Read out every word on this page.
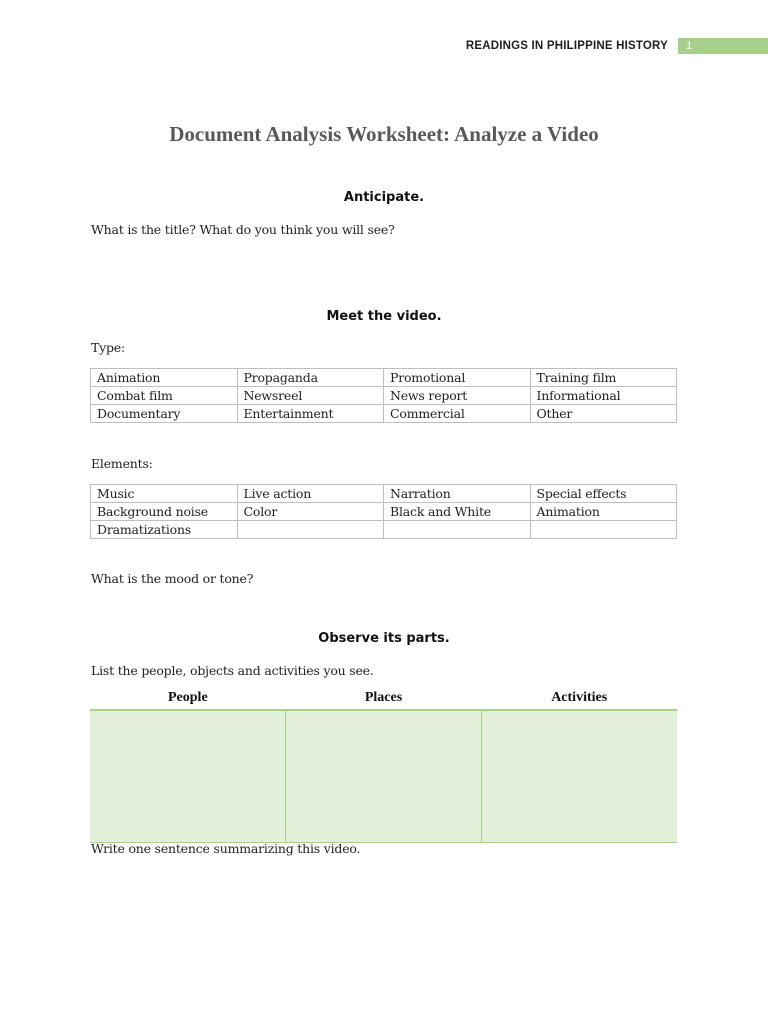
READINGS IN PHILIPPINE HISTORY	1
Document Analysis Worksheet: Analyze a Video
Anticipate.
What is the title? What do you think you will see?
Meet the video.
Type:
Animation	Propaganda	Promotional	Training film
Combat film	Newsreel	News report	Informational
Documentary	Entertainment	Commercial	Other
Elements:
Music	Live action	Narration	Special effects
Background noise	Color	Black and White	Animation
Dramatizations			
What is the mood or tone?
Observe its parts.
List the people, objects and activities you see.
People	Places	Activities
Write one sentence summarizing this video.
